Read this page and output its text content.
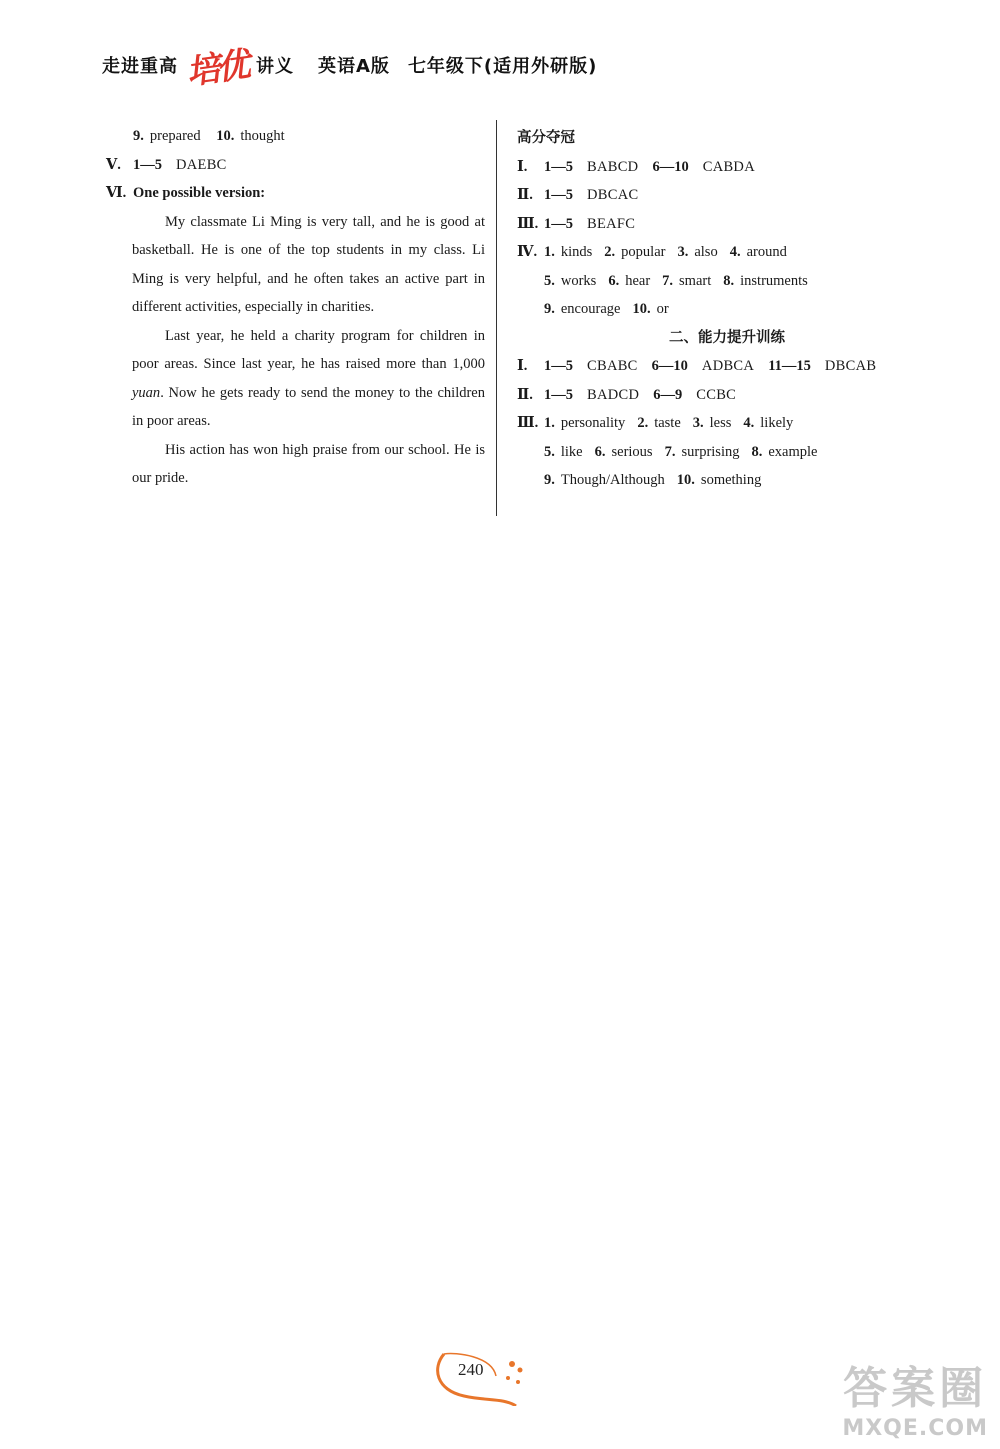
走进重高 培优 讲义 英语A版 七年级下(适用外研版)
9. prepared 10. thought
Ⅴ. 1—5 DAEBC
Ⅵ. One possible version:

My classmate Li Ming is very tall, and he is good at basketball. He is one of the top students in my class. Li Ming is very helpful, and he often takes an active part in different activities, especially in charities.

Last year, he held a charity program for children in poor areas. Since last year, he has raised more than 1,000 yuan. Now he gets ready to send the money to the children in poor areas.

His action has won high praise from our school. He is our pride.

高分夺冠
Ⅰ. 1—5 BABCD 6—10 CABDA
Ⅱ. 1—5 DBCAC
Ⅲ. 1—5 BEAFC
Ⅳ. 1. kinds 2. popular 3. also 4. around
5. works 6. hear 7. smart 8. instruments
9. encourage 10. or
二、能力提升训练
Ⅰ. 1—5 CBABC 6—10 ADBCA 11—15 DBCAB
Ⅱ. 1—5 BADCD 6—9 CCBC
Ⅲ. 1. personality 2. taste 3. less 4. likely
5. like 6. serious 7. surprising 8. example
9. Though/Although 10. something
240	答案圈
MXQE.COM
